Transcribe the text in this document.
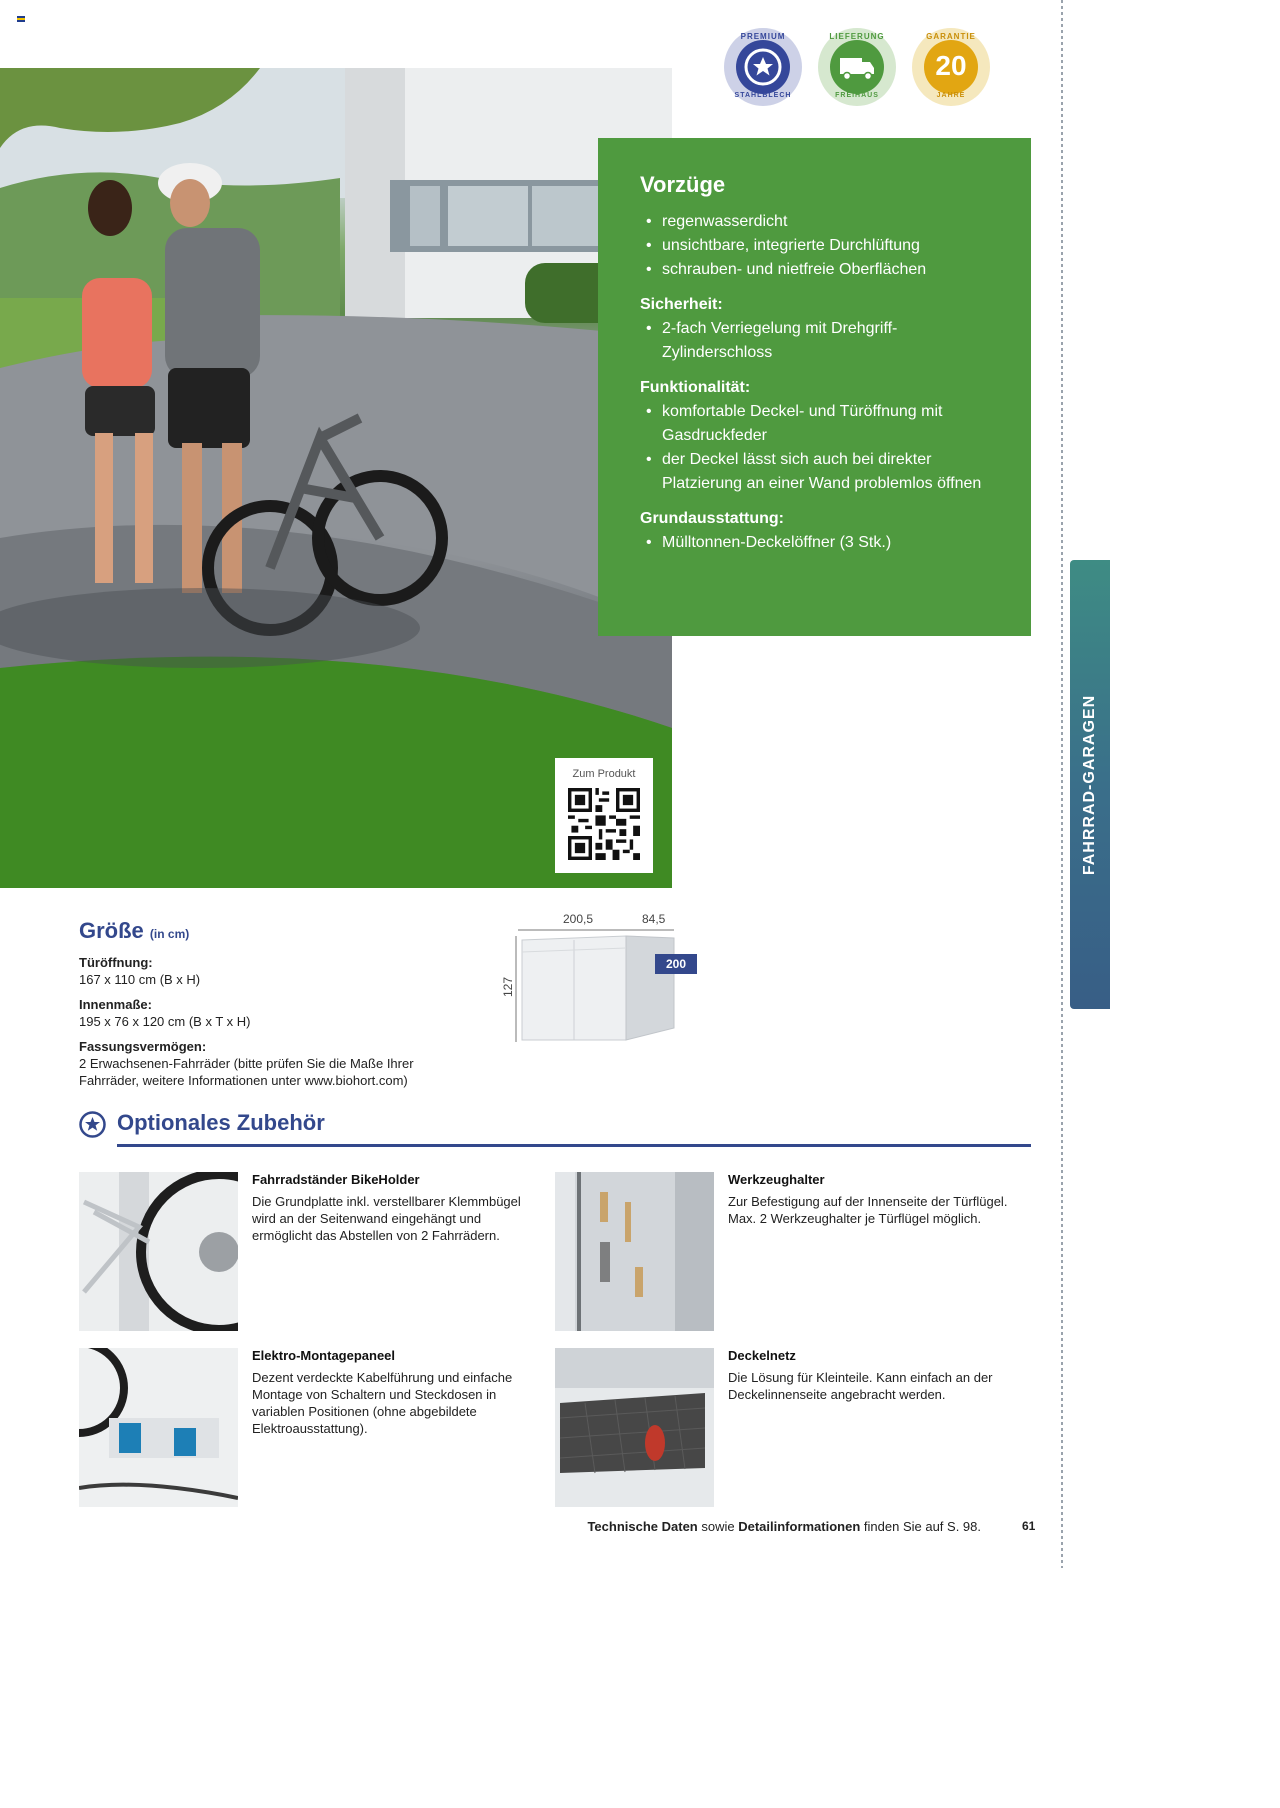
PREMIUM
STAHLBLECH
LIEFERUNG
FREIHAUS
GARANTIE
20
JAHRE
Vorzüge
• regenwasserdicht
• unsichtbare, integrierte Durchlüftung
• schrauben- und nietfreie Oberflächen
Sicherheit:
• 2-fach Verriegelung mit Drehgriff-Zylinderschloss
Funktionalität:
• komfortable Deckel- und Türöffnung mit Gasdruckfeder
• der Deckel lässt sich auch bei direkter Platzierung an einer Wand problemlos öffnen
Grundausstattung:
• Mülltonnen-Deckelöffner (3 Stk.)
Zum Produkt	FAHRRAD-GARAGEN
Größe (in cm)
Türöffnung:
167 x 110 cm (B x H)
Innenmaße:
195 x 76 x 120 cm (B x T x H)
Fassungsvermögen:
2 Erwachsenen-Fahrräder (bitte prüfen Sie die Maße Ihrer Fahrräder, weitere Informationen unter www.biohort.com)
200,5	84,5
127
200
Optionales Zubehör
Fahrradständer BikeHolder

Die Grundplatte inkl. verstellbarer Klemmbügel wird an der Seitenwand eingehängt und ermöglicht das Abstellen von 2 Fahrrädern.

Werkzeughalter

Zur Befestigung auf der Innenseite der Türflügel. Max. 2 Werkzeughalter je Türflügel möglich.

Elektro-Montagepaneel

Dezent verdeckte Kabelführung und einfache Montage von Schaltern und Steckdosen in variablen Positionen (ohne abgebildete Elektroausstattung).

Deckelnetz

Die Lösung für Kleinteile. Kann einfach an der Deckelinnenseite angebracht werden.

Technische Daten sowie Detailinformationen finden Sie auf S. 98.	61
